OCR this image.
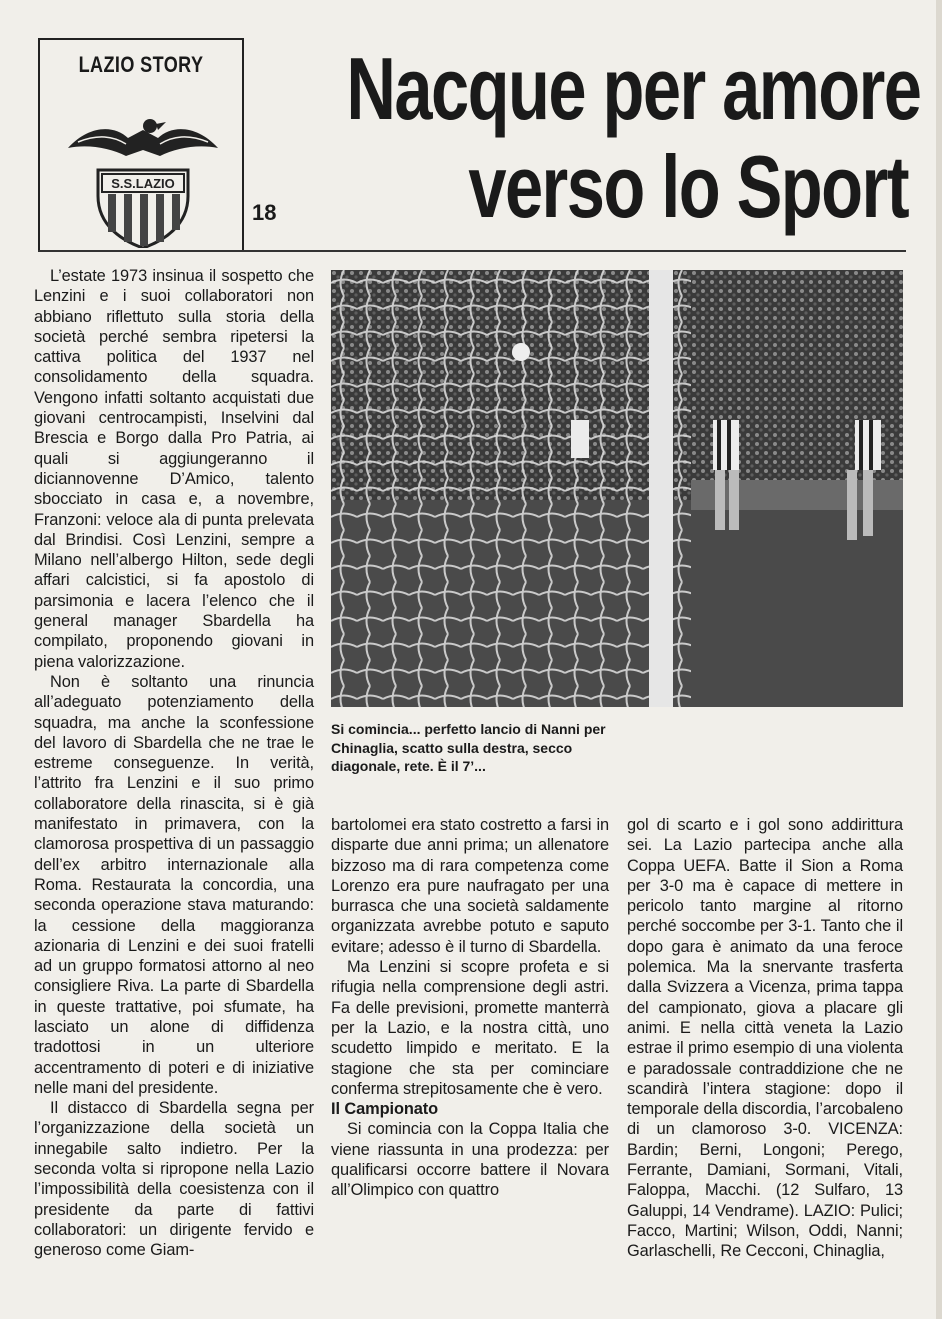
LAZIO STORY
S.S.LAZIO
18
Nacque per amore
verso lo Sport

L’estate 1973 insinua il sospetto che Lenzini e i suoi collaboratori non abbiano riflettuto sulla storia della società perché sembra ripetersi la cattiva politica del 1937 nel consolidamento della squadra. Vengono infatti soltanto acquistati due giovani centrocampisti, Inselvini dal Brescia e Borgo dalla Pro Patria, ai quali si aggiungeranno il diciannovenne D’Amico, talento sbocciato in casa e, a novembre, Franzoni: veloce ala di punta prelevata dal Brindisi. Così Lenzini, sempre a Milano nell’albergo Hilton, sede degli affari calcistici, si fa apostolo di parsimonia e lacera l’elenco che il general manager Sbardella ha compilato, proponendo giovani in piena valorizzazione.

Non è soltanto una rinuncia all’adeguato potenziamento della squadra, ma anche la sconfessione del lavoro di Sbardella che ne trae le estreme conseguenze. In verità, l’attrito fra Lenzini e il suo primo collaboratore della rinascita, si è già manifestato in primavera, con la clamorosa prospettiva di un passaggio dell’ex arbitro internazionale alla Roma. Restaurata la concordia, una seconda operazione stava maturando: la cessione della maggioranza azionaria di Lenzini e dei suoi fratelli ad un gruppo formatosi attorno al neo consigliere Riva. La parte di Sbardella in queste trattative, poi sfumate, ha lasciato un alone di diffidenza tradottosi in un ulteriore accentramento di poteri e di iniziative nelle mani del presidente.

Il distacco di Sbardella segna per l’organizzazione della società un innegabile salto indietro. Per la seconda volta si ripropone nella Lazio l’impossibilità della coesistenza con il presidente da parte di fattivi collaboratori: un dirigente fervido e generoso come Giam-

Si comincia... perfetto lancio di Nanni per Chinaglia, scatto sulla destra, secco diagonale, rete. È il 7’...

bartolomei era stato costretto a farsi in disparte due anni prima; un allenatore bizzoso ma di rara competenza come Lorenzo era pure naufragato per una burrasca che una società saldamente organizzata avrebbe potuto e saputo evitare; adesso è il turno di Sbardella.

Ma Lenzini si scopre profeta e si rifugia nella comprensione degli astri. Fa delle previsioni, promette manterrà per la Lazio, e la nostra città, uno scudetto limpido e meritato. E la stagione che sta per cominciare conferma strepitosamente che è vero.

Il Campionato

Si comincia con la Coppa Italia che viene riassunta in una prodezza: per qualificarsi occorre battere il Novara all’Olimpico con quattro

gol di scarto e i gol sono addirittura sei. La Lazio partecipa anche alla Coppa UEFA. Batte il Sion a Roma per 3-0 ma è capace di mettere in pericolo tanto margine al ritorno perché soccombe per 3-1. Tanto che il dopo gara è animato da una feroce polemica. Ma la snervante trasferta dalla Svizzera a Vicenza, prima tappa del campionato, giova a placare gli animi. E nella città veneta la Lazio estrae il primo esempio di una violenta e paradossale contraddizione che ne scandirà l’intera stagione: dopo il temporale della discordia, l’arcobaleno di un clamoroso 3-0. VICENZA: Bardin; Berni, Longoni; Perego, Ferrante, Damiani, Sormani, Vitali, Faloppa, Macchi. (12 Sulfaro, 13 Galuppi, 14 Vendrame). LAZIO: Pulici; Facco, Martini; Wilson, Oddi, Nanni; Garlaschelli, Re Cecconi, Chinaglia,
